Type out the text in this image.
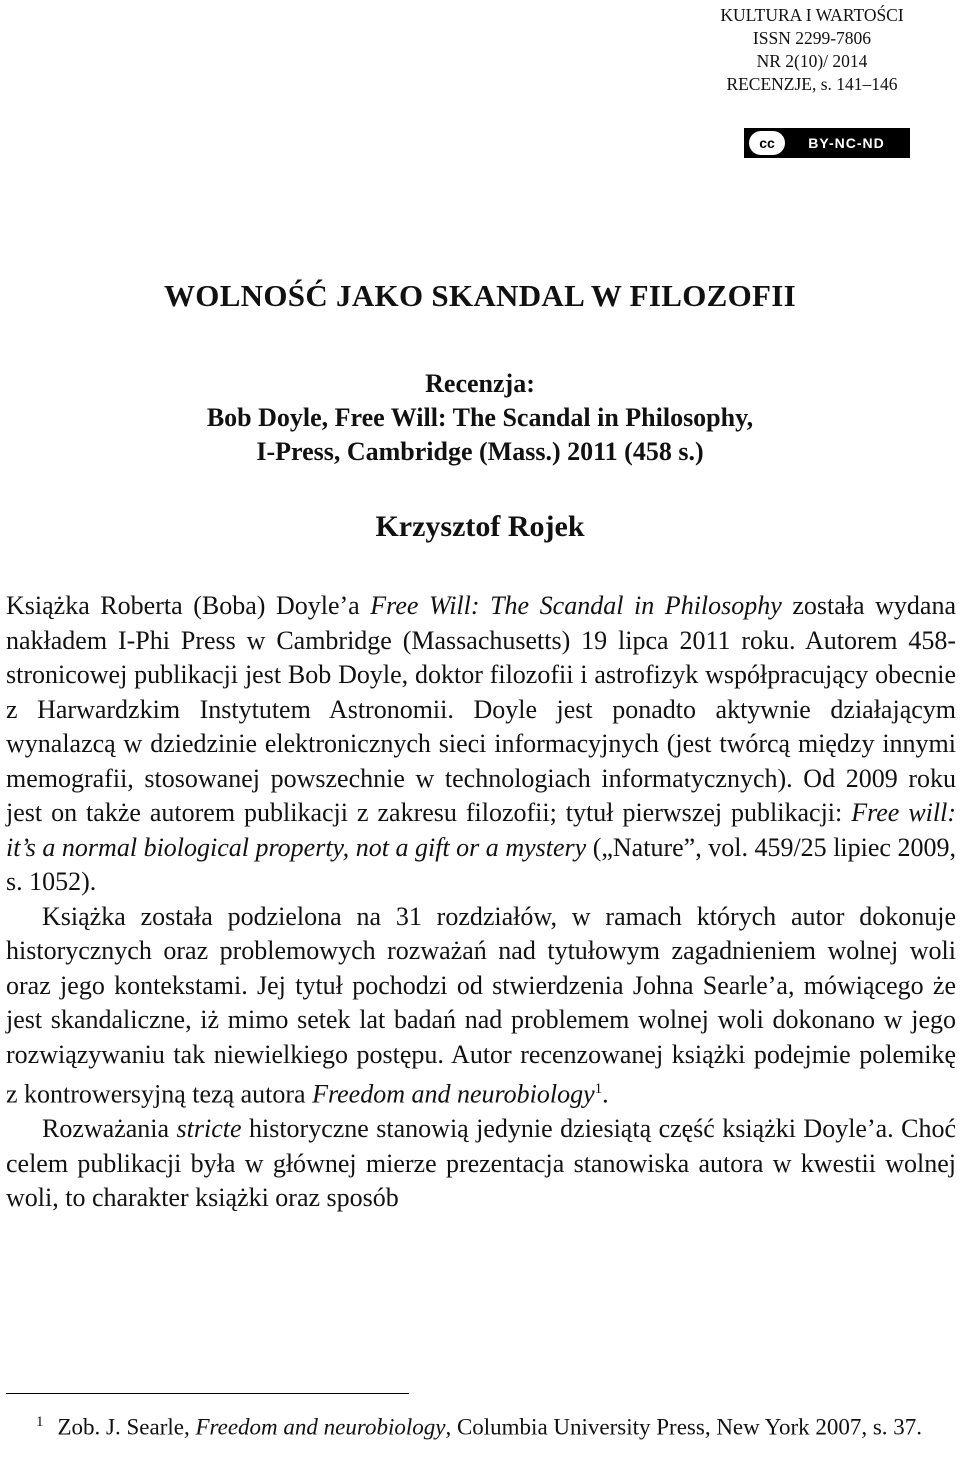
KULTURA I WARTOŚCI
ISSN 2299-7806
NR 2(10)/ 2014
RECENZJE, s. 141–146
cc	BY-NC-ND
WOLNOŚĆ JAKO SKANDAL W FILOZOFII
Recenzja:
Bob Doyle, Free Will: The Scandal in Philosophy,
I-Press, Cambridge (Mass.) 2011 (458 s.)
Krzysztof Rojek

Książka Roberta (Boba) Doyle’a Free Will: The Scandal in Philosophy została wydana nakładem I-Phi Press w Cambridge (Massachusetts) 19 lipca 2011 roku. Autorem 458-stronicowej publikacji jest Bob Doyle, doktor filozofii i astrofizyk współpracujący obecnie z Harwardzkim Instytutem Astronomii. Doyle jest ponadto aktywnie działającym wynalazcą w dziedzinie elektronicznych sieci informacyjnych (jest twórcą między innymi memografii, stosowanej powszechnie w technologiach informatycznych). Od 2009 roku jest on także autorem publikacji z zakresu filozofii; tytuł pierwszej publikacji: Free will: it’s a normal biological property, not a gift or a mystery („Nature”, vol. 459/25 lipiec 2009, s. 1052).

Książka została podzielona na 31 rozdziałów, w ramach których autor dokonuje historycznych oraz problemowych rozważań nad tytułowym zagadnieniem wolnej woli oraz jego kontekstami. Jej tytuł pochodzi od stwierdzenia Johna Searle’a, mówiącego że jest skandaliczne, iż mimo setek lat badań nad problemem wolnej woli dokonano w jego rozwiązywaniu tak niewielkiego postępu. Autor recenzowanej książki podejmie polemikę z kontrowersyjną tezą autora Freedom and neurobiology$^1$.

Rozważania stricte historyczne stanowią jedynie dziesiątą część książki Doyle’a. Choć celem publikacji była w głównej mierze prezentacja stanowiska autora w kwestii wolnej woli, to charakter książki oraz sposób

$^1$ Zob. J. Searle, Freedom and neurobiology, Columbia University Press, New York 2007, s. 37.
